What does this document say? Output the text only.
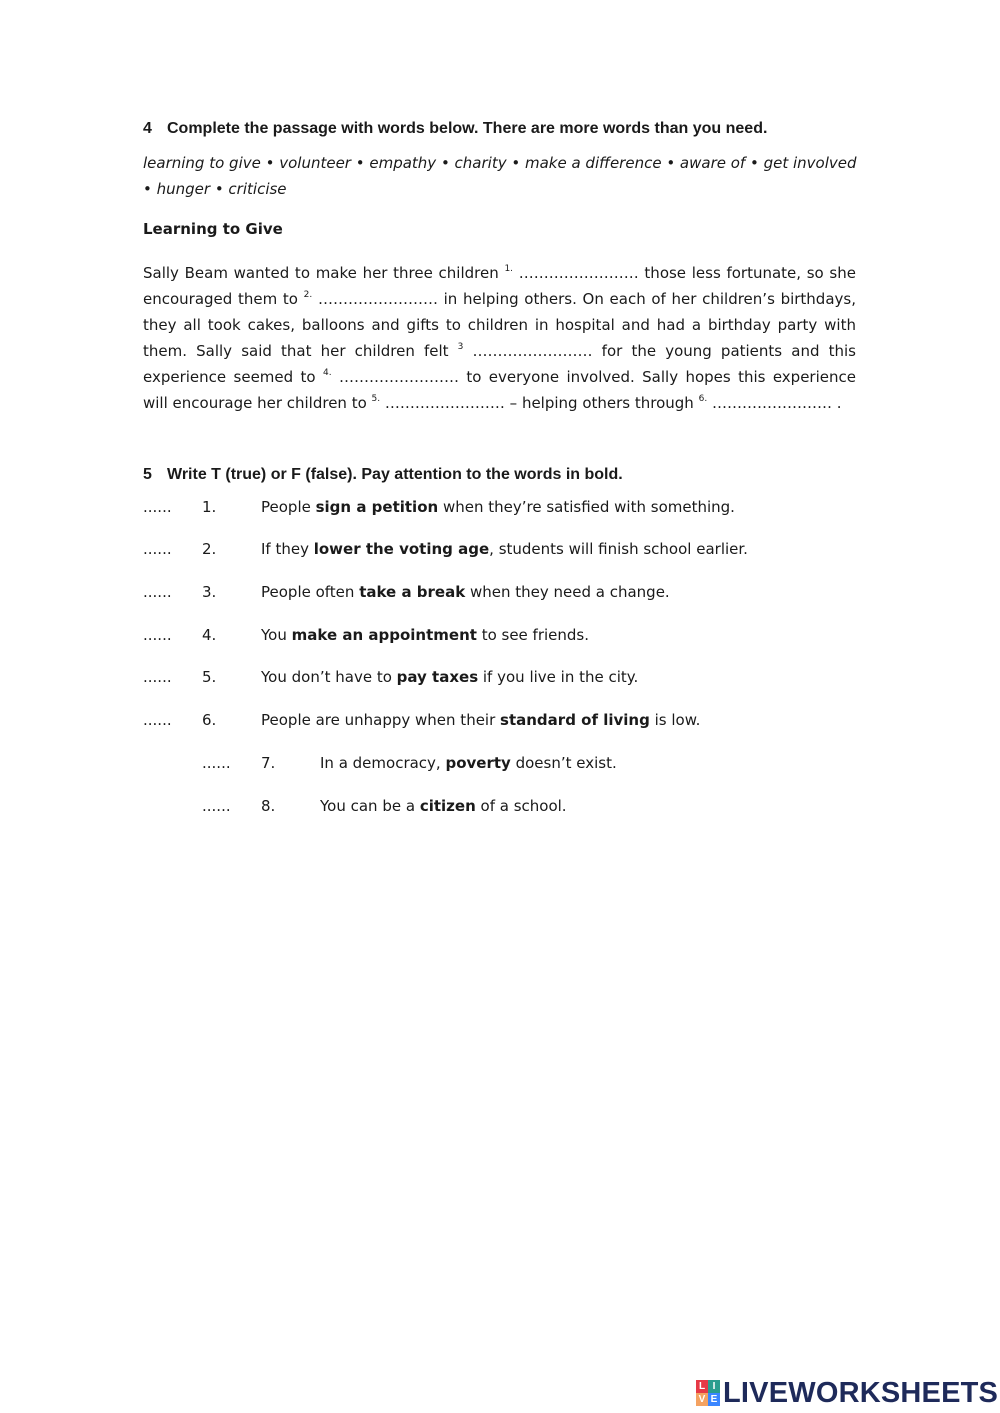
4 Complete the passage with words below. There are more words than you need.
learning to give • volunteer • empathy • charity • make a difference • aware of • get involved
• hunger • criticise
Learning to Give
Sally Beam wanted to make her three children $^{1.}$ …………………… those less fortunate, so she encouraged them to $^{2.}$ …………………… in helping others. On each of her children’s birthdays, they all took cakes, balloons and gifts to children in hospital and had a birthday party with them. Sally said that her children felt $^3$ …………………… for the young patients and this experience seemed to $^{4.}$ …………………… to everyone involved. Sally hopes this experience will encourage her children to $^{5.}$ …………………… – helping others through $^{6.}$ …………………… .
5 Write T (true) or F (false). Pay attention to the words in bold.
...... 1.	People sign a petition when they’re satisfied with something.
...... 2.	If they lower the voting age, students will finish school earlier.
...... 3.	People often take a break when they need a change.
...... 4.	You make an appointment to see friends.
...... 5.	You don’t have to pay taxes if you live in the city.
...... 6.	People are unhappy when their standard of living is low.
...... 7.	In a democracy, poverty doesn’t exist.
...... 8.	You can be a citizen of a school.
L I
V E LIVEWORKSHEETS
